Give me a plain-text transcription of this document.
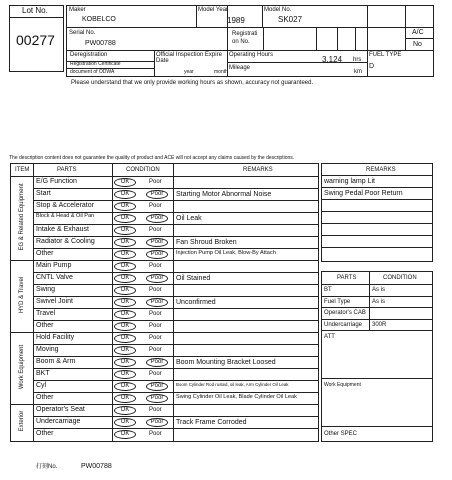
Lot No.
00277
Maker
KOBELCO
Model Year
1989
Registrati on No.
Model No.
SK027
A/C
No
Serial No.
PW00788
Official Inspection Expire Date
Operating Hours	3,124 hrs
Mileage
km
FUEL TYPE
D
Deregistration
Registration Certificate
document of ODWA	year	month
Please understand that we only provide working hours as shown, accuracy not guaranteed.
The description content does not guarantee the quality of product and ACE will not accept any claims caused by the descriptions.
ITEM	PARTS	CONDITION	REMARKS
E/G Function	OK	Poor
Start	OK	Poor	Starting Motor Abnormal Noise
Stop & Accelerator	OK	Poor
Block & Head & Oil Pan	OK	Poor	Oil Leak
Intake & Exhaust	OK	Poor
Radiator & Cooling	OK	Poor	Fan Shroud Broken
Other	OK	Poor	Injection Pump Oil Leak, Blow-By Attach
EG & Related Equipment
Main Pump	OK	Poor
CNTL Valve	OK	Poor	Oil Stained
Swing	OK	Poor
Swivel Joint	OK	Poor	Unconfirmed
Travel	OK	Poor
Other	OK	Poor
HYD & Travel
Hold Facility	OK	Poor
Moving	OK	Poor
Boom & Arm	OK	Poor	Boom Mounting Bracket Loosed
BKT	OK	Poor
Cyl	OK	Poor	Boom Cylinder Rod rusted, oil leak, Arm Cylinder Oil Leak
Other	OK	Poor	Swing Cylinder Oil Leak, Blade Cylinder Oil Leak
Work Equipment
Operator's Seat	OK	Poor
Undercarriage	OK	Poor	Track Frame Corroded
Other	OK	Poor
Exterior
REMARKS
warning lamp Lit
Swing Pedal Poor Return
PARTS	CONDITION
BT	As is
Fuel Type	As is
Operator's CAB
Undercarriage 300R
ATT
Work Equipment
Other SPEC
打刻No.	PW00788
